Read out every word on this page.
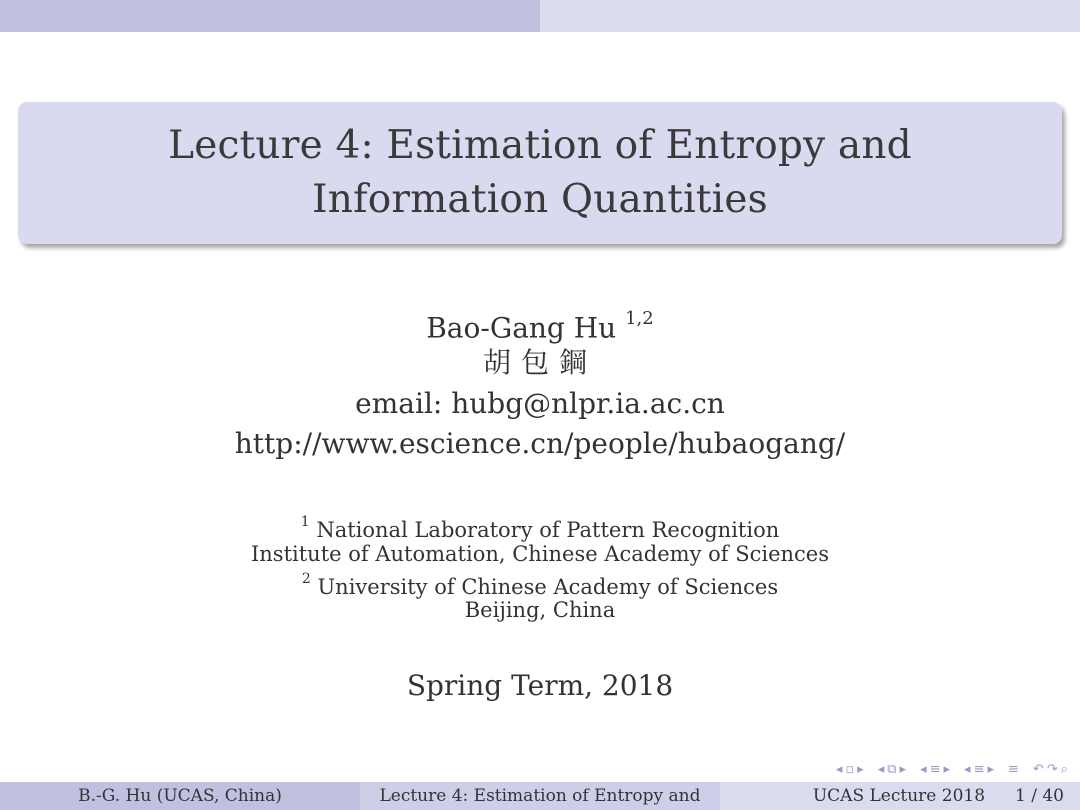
Lecture 4: Estimation of Entropy and
Information Quantities
Bao-Gang Hu $^{1,2}$
胡包鋼
email: hubg@nlpr.ia.ac.cn
http://www.escience.cn/people/hubaogang/
$^1$ National Laboratory of Pattern Recognition
Institute of Automation, Chinese Academy of Sciences
$^2$ University of Chinese Academy of Sciences
Beijing, China
Spring Term, 2018
◂ ▫ ▸ ◂ ⧉ ▸ ◂ ≡ ▸ ◂ ≡ ▸ ≡ ↶ ↷ ⌕
B.-G. Hu (UCAS, China)	Lecture 4: Estimation of Entropy and	UCAS Lecture 2018 1 / 40
